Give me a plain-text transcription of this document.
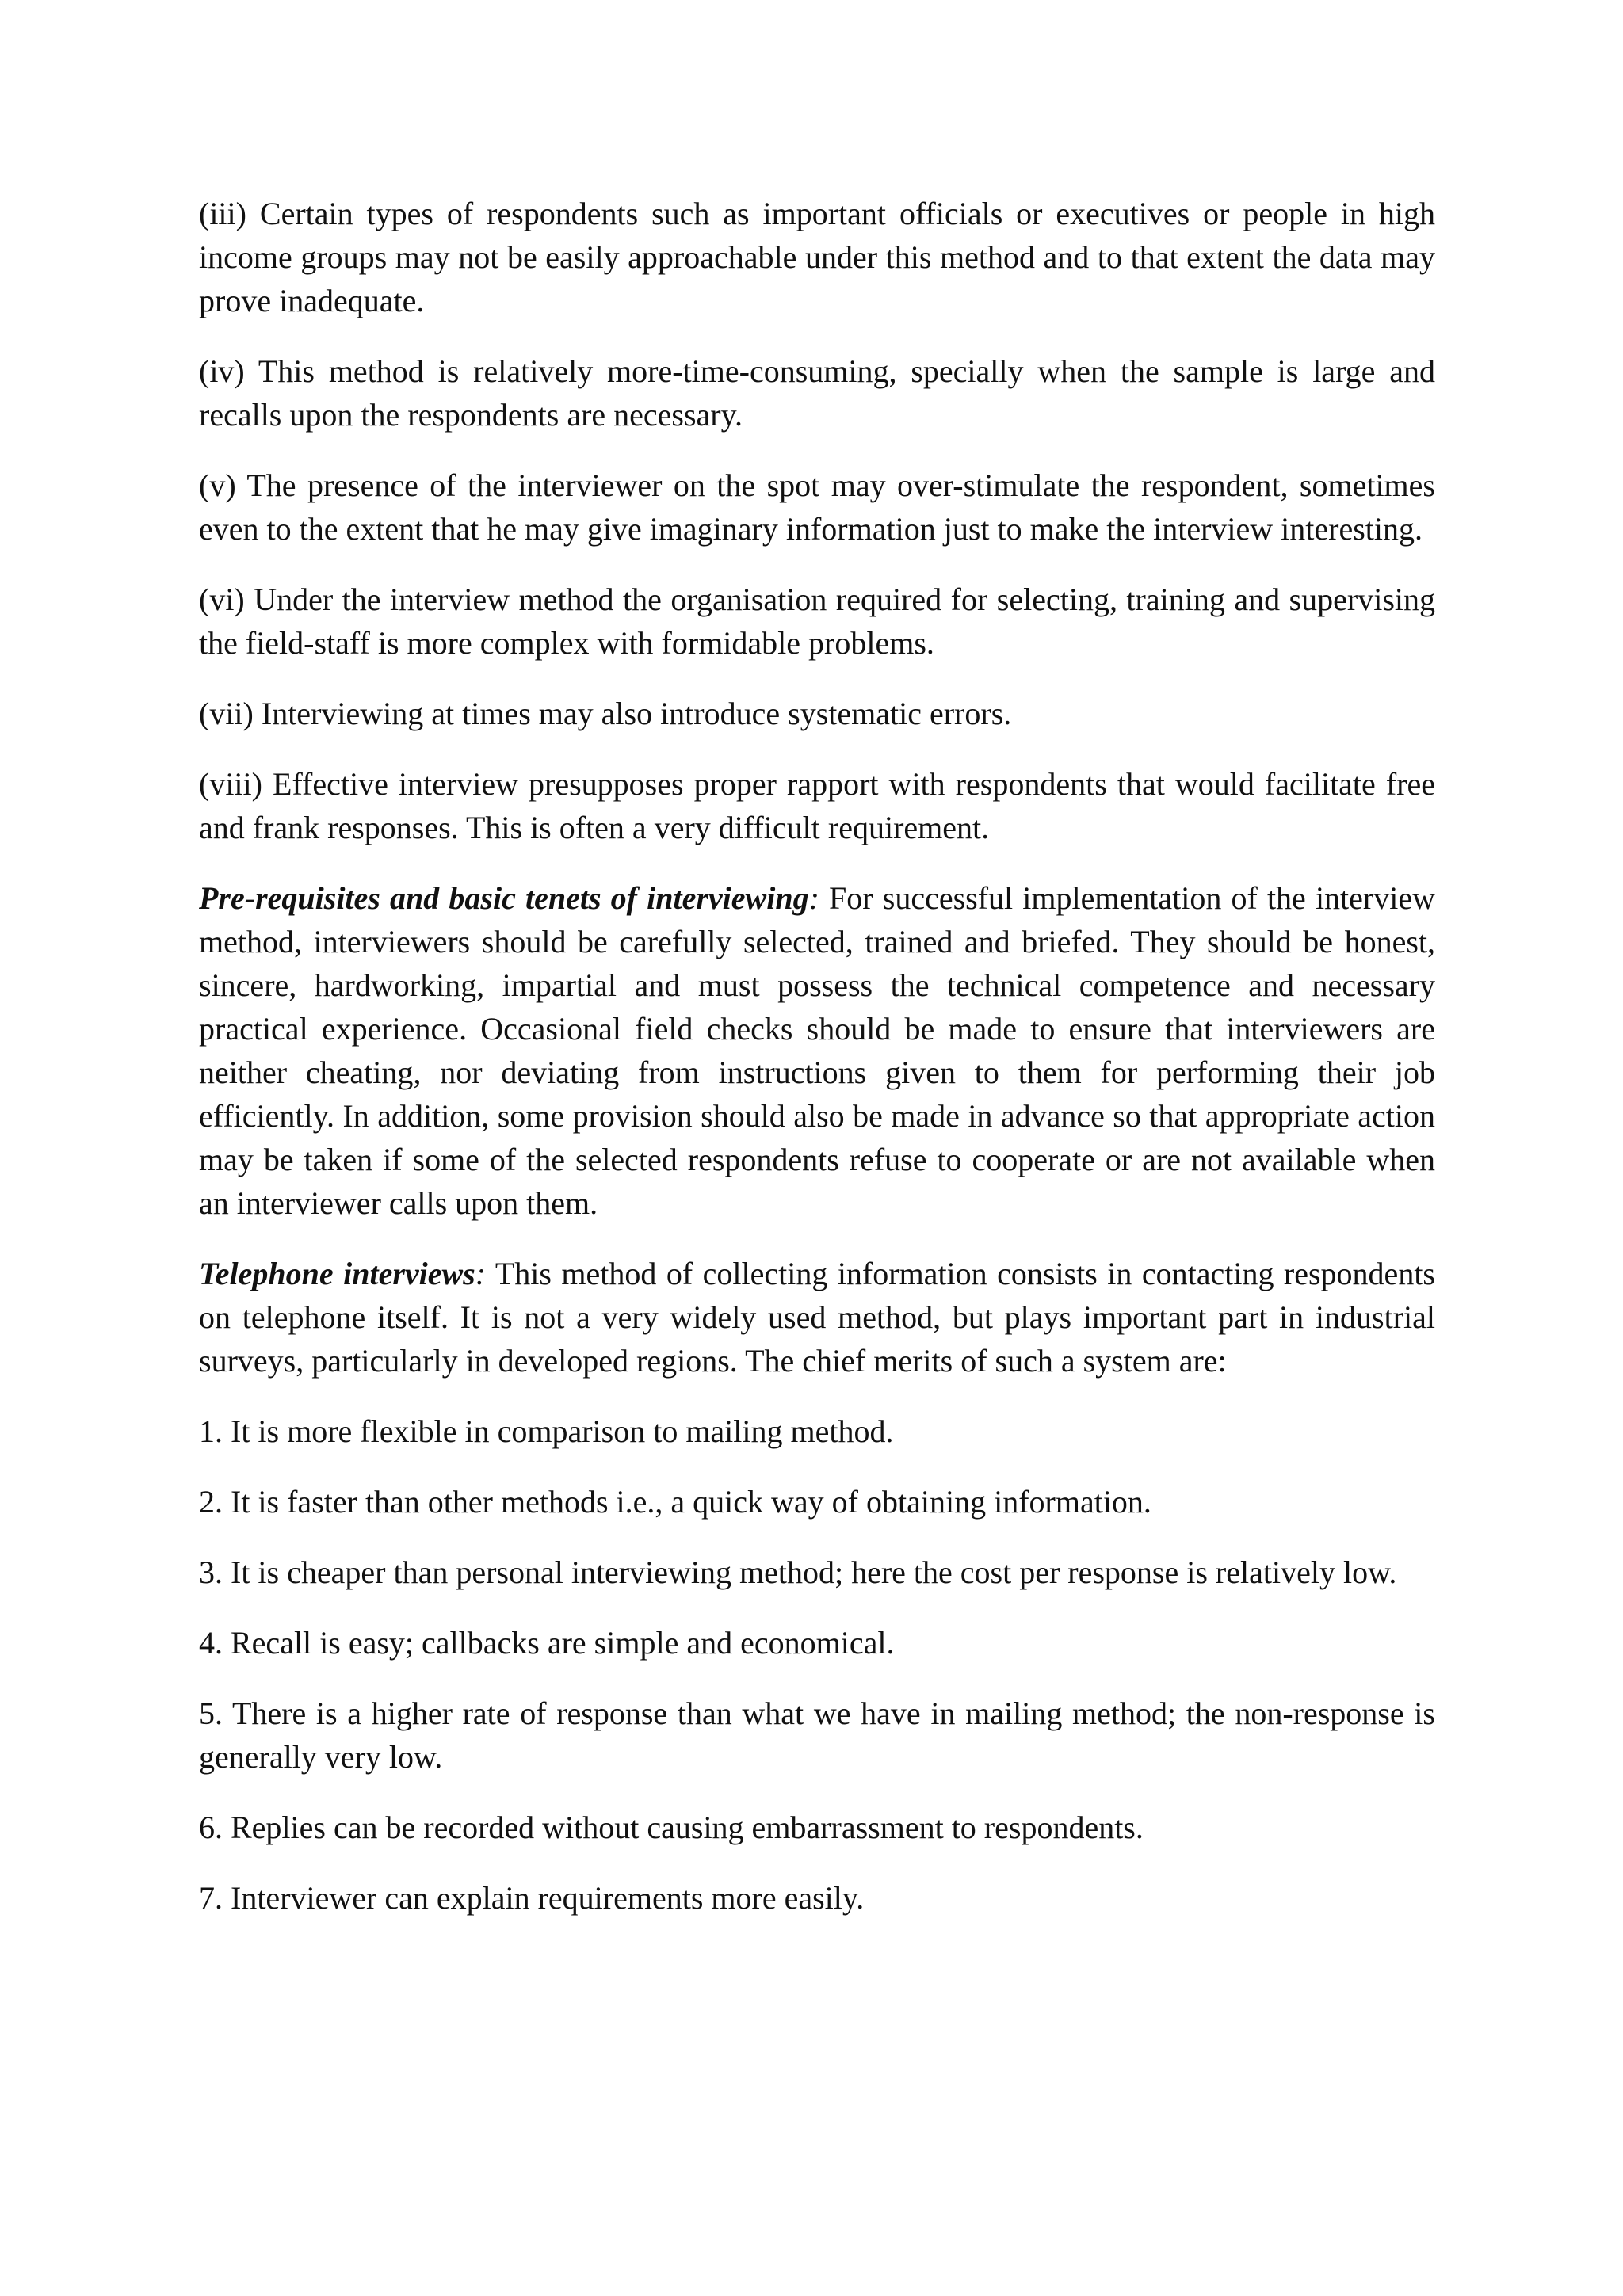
(iii) Certain types of respondents such as important officials or executives or people in high income groups may not be easily approachable under this method and to that extent the data may prove inadequate.

(iv) This method is relatively more-time-consuming, specially when the sample is large and recalls upon the respondents are necessary.

(v) The presence of the interviewer on the spot may over-stimulate the respondent, sometimes even to the extent that he may give imaginary information just to make the interview interesting.

(vi) Under the interview method the organisation required for selecting, training and supervising the field-staff is more complex with formidable problems.

(vii) Interviewing at times may also introduce systematic errors.

(viii) Effective interview presupposes proper rapport with respondents that would facilitate free and frank responses. This is often a very difficult requirement.

Pre-requisites and basic tenets of interviewing: For successful implementation of the interview method, interviewers should be carefully selected, trained and briefed. They should be honest, sincere, hardworking, impartial and must possess the technical competence and necessary practical experience. Occasional field checks should be made to ensure that interviewers are neither cheating, nor deviating from instructions given to them for performing their job efficiently. In addition, some provision should also be made in advance so that appropriate action may be taken if some of the selected respondents refuse to cooperate or are not available when an interviewer calls upon them.

Telephone interviews: This method of collecting information consists in contacting respondents on telephone itself. It is not a very widely used method, but plays important part in industrial surveys, particularly in developed regions. The chief merits of such a system are:

1. It is more flexible in comparison to mailing method.

2. It is faster than other methods i.e., a quick way of obtaining information.

3. It is cheaper than personal interviewing method; here the cost per response is relatively low.

4. Recall is easy; callbacks are simple and economical.

5. There is a higher rate of response than what we have in mailing method; the non-response is generally very low.

6. Replies can be recorded without causing embarrassment to respondents.

7. Interviewer can explain requirements more easily.
